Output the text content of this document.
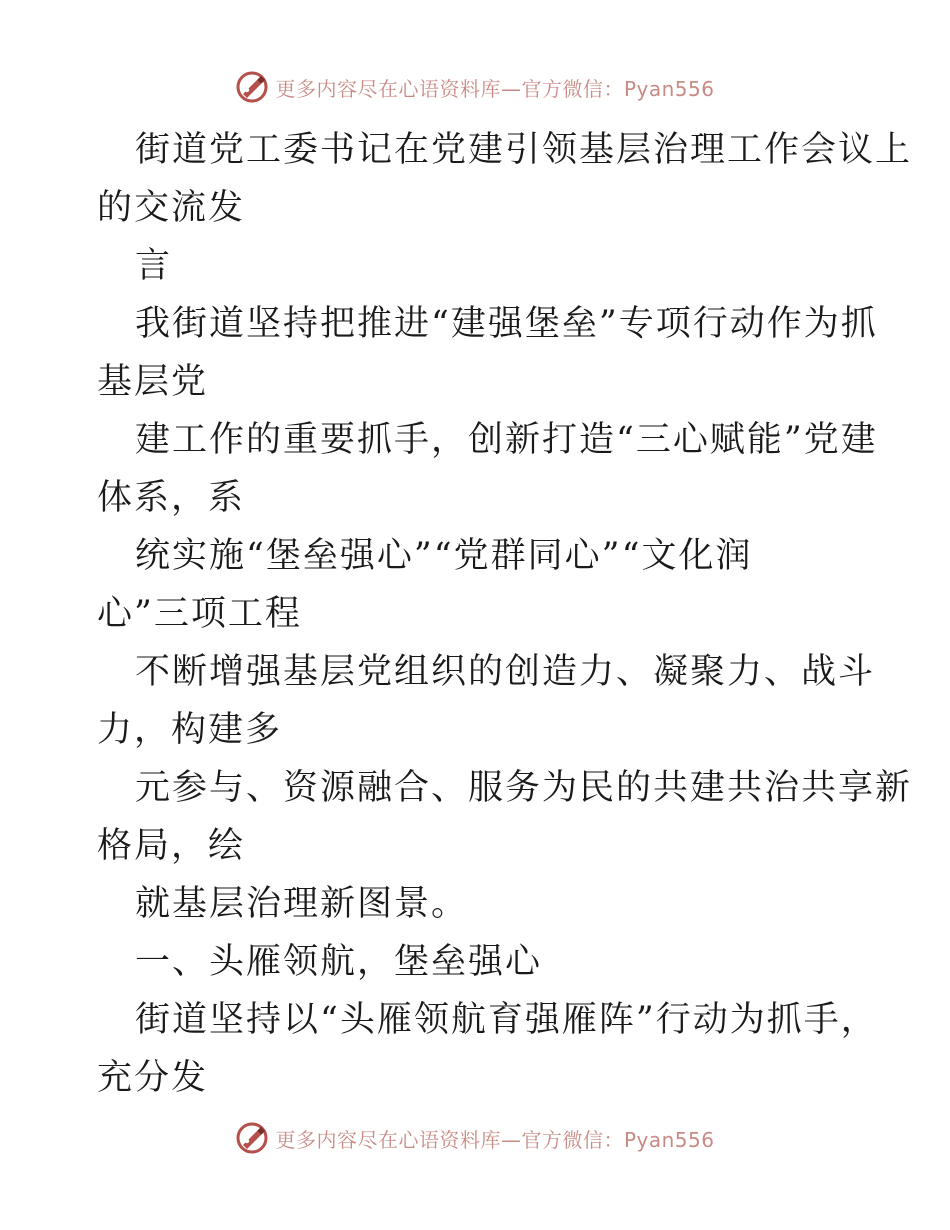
更多内容尽在心语资料库—官方微信：Pyan556
街道党工委书记在党建引领基层治理工作会议上
的交流发
言
我街道坚持把推进“建强堡垒”专项行动作为抓
基层党
建工作的重要抓手，创新打造“三心赋能”党建
体系，系
统实施“堡垒强心”“党群同心”“文化润
心”三项工程
不断增强基层党组织的创造力、凝聚力、战斗
力，构建多
元参与、资源融合、服务为民的共建共治共享新
格局，绘
就基层治理新图景。
一、头雁领航，堡垒强心
街道坚持以“头雁领航育强雁阵”行动为抓手，
充分发
更多内容尽在心语资料库—官方微信：Pyan556
